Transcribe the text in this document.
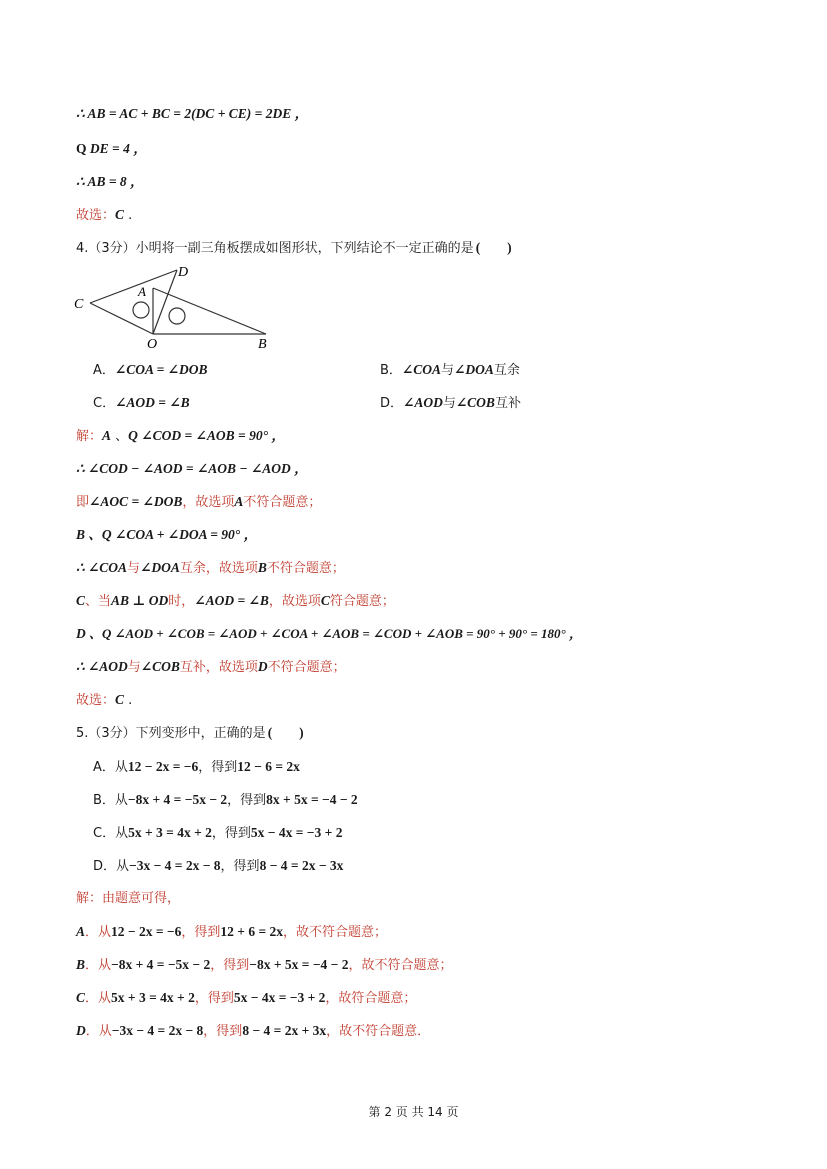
∴ AB = AC + BC = 2(DC + CE) = 2DE ，
Q DE = 4 ，
∴ AB = 8 ，
故选：C .
4.（3分）小明将一副三角板摆成如图形状，下列结论不一定正确的是 (　　)
C
A
D
O	B
A．∠COA = ∠DOB	B．∠COA与∠DOA互余
C．∠AOD = ∠B	D．∠AOD与∠COB互补
解：A 、Q ∠COD = ∠AOB = 90° ，
∴ ∠COD − ∠AOD = ∠AOB − ∠AOD ，
即∠AOC = ∠DOB，故选项A不符合题意；
B 、Q ∠COA + ∠DOA = 90° ，
∴ ∠COA与∠DOA互余，故选项B不符合题意；
C、当AB ⊥ OD时，∠AOD = ∠B，故选项C符合题意；
D 、Q ∠AOD + ∠COB = ∠AOD + ∠COA + ∠AOB = ∠COD + ∠AOB = 90° + 90° = 180° ，
∴ ∠AOD与∠COB互补，故选项D不符合题意；
故选：C .
5.（3分）下列变形中，正确的是 (　　)
A．从12 − 2x = −6，得到12 − 6 = 2x
B．从−8x + 4 = −5x − 2，得到8x + 5x = −4 − 2
C．从5x + 3 = 4x + 2，得到5x − 4x = −3 + 2
D．从−3x − 4 = 2x − 8，得到8 − 4 = 2x − 3x
解：由题意可得，
A．从12 − 2x = −6，得到12 + 6 = 2x，故不符合题意；
B．从−8x + 4 = −5x − 2，得到−8x + 5x = −4 − 2，故不符合题意；
C．从5x + 3 = 4x + 2，得到5x − 4x = −3 + 2，故符合题意；
D．从−3x − 4 = 2x − 8，得到8 − 4 = 2x + 3x，故不符合题意．
第 2 页 共 14 页
